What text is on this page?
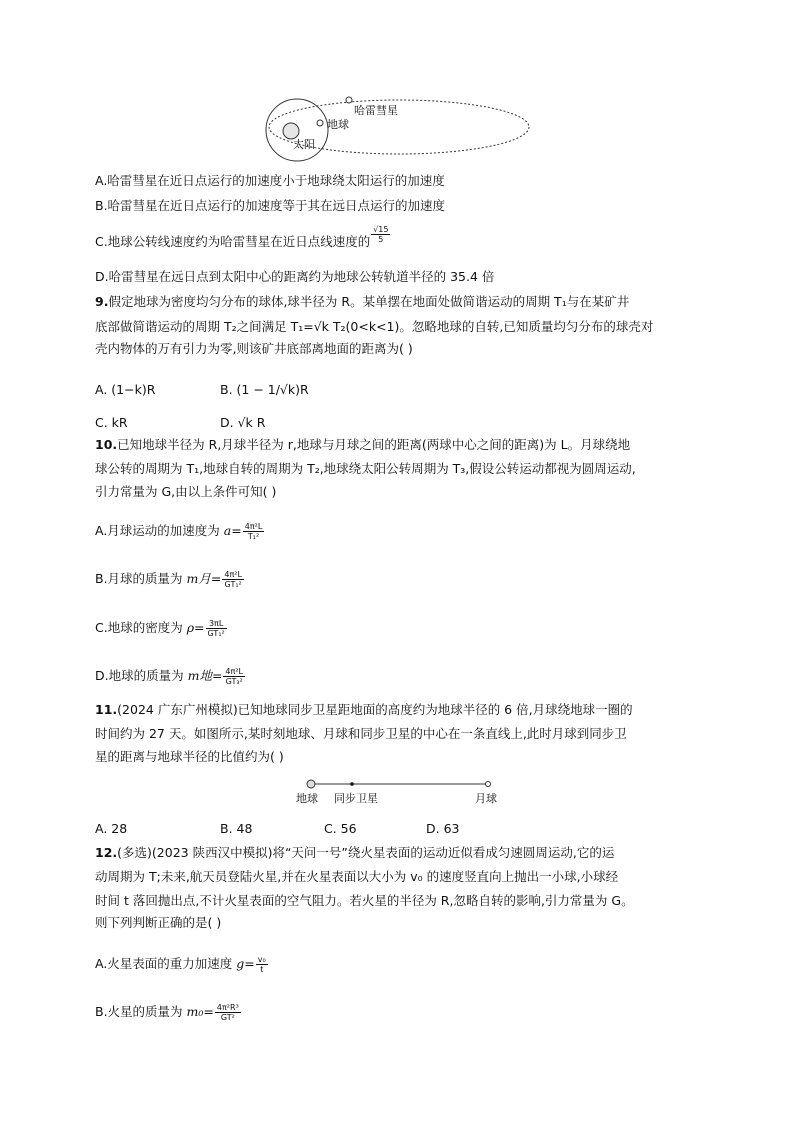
哈雷彗星
地球
太阳
A.哈雷彗星在近日点运行的加速度小于地球绕太阳运行的加速度
B.哈雷彗星在近日点运行的加速度等于其在远日点运行的加速度
C.地球公转线速度约为哈雷彗星在近日点线速度的 $\frac{√15}{5}$
D.哈雷彗星在远日点到太阳中心的距离约为地球公转轨道半径的 35.4 倍
9.假定地球为密度均匀分布的球体,球半径为 R。某单摆在地面处做简谐运动的周期 T₁与在某矿井
底部做简谐运动的周期 T₂之间满足 T₁=√k T₂(0<k<1)。忽略地球的自转,已知质量均匀分布的球壳对
壳内物体的万有引力为零,则该矿井底部离地面的距离为( )
A. (1−k)R	B. (1 − 1/√k)R
C. kR	D. √k R
10.已知地球半径为 R,月球半径为 r,地球与月球之间的距离(两球中心之间的距离)为 L。月球绕地
球公转的周期为 T₁,地球自转的周期为 T₂,地球绕太阳公转周期为 T₃,假设公转运动都视为圆周运动,
引力常量为 G,由以上条件可知( )
A.月球运动的加速度为 $a= \frac{\text{4π²L}}{\text{T₁²}}$
B.月球的质量为 m月= $\frac{\text{4π²L}}{\text{GT₁²}}$
C.地球的密度为 $\rho= \frac{3\pi L}{\text{GT₁²}}$
D.地球的质量为 m地= $\frac{\text{4π²L}}{\text{GT₃²}}$
11.(2024 广东广州模拟)已知地球同步卫星距地面的高度约为地球半径的 6 倍,月球绕地球一圈的
时间约为 27 天。如图所示,某时刻地球、月球和同步卫星的中心在一条直线上,此时月球到同步卫
星的距离与地球半径的比值约为( )
地球 同步卫星	月球
A. 28	B. 48	C. 56	D. 63
12.(多选)(2023 陕西汉中模拟)将“天问一号”绕火星表面的运动近似看成匀速圆周运动,它的运
动周期为 T;未来,航天员登陆火星,并在火星表面以大小为 v₀ 的速度竖直向上抛出一小球,小球经
时间 t 落回抛出点,不计火星表面的空气阻力。若火星的半径为 R,忽略自转的影响,引力常量为 G。
则下列判断正确的是( )
A.火星表面的重力加速度 $g= \frac{\text{v₀}}{t}$
B.火星的质量为 $m_0= \frac{\text{4π²R³}}{\text{GT²}}$
